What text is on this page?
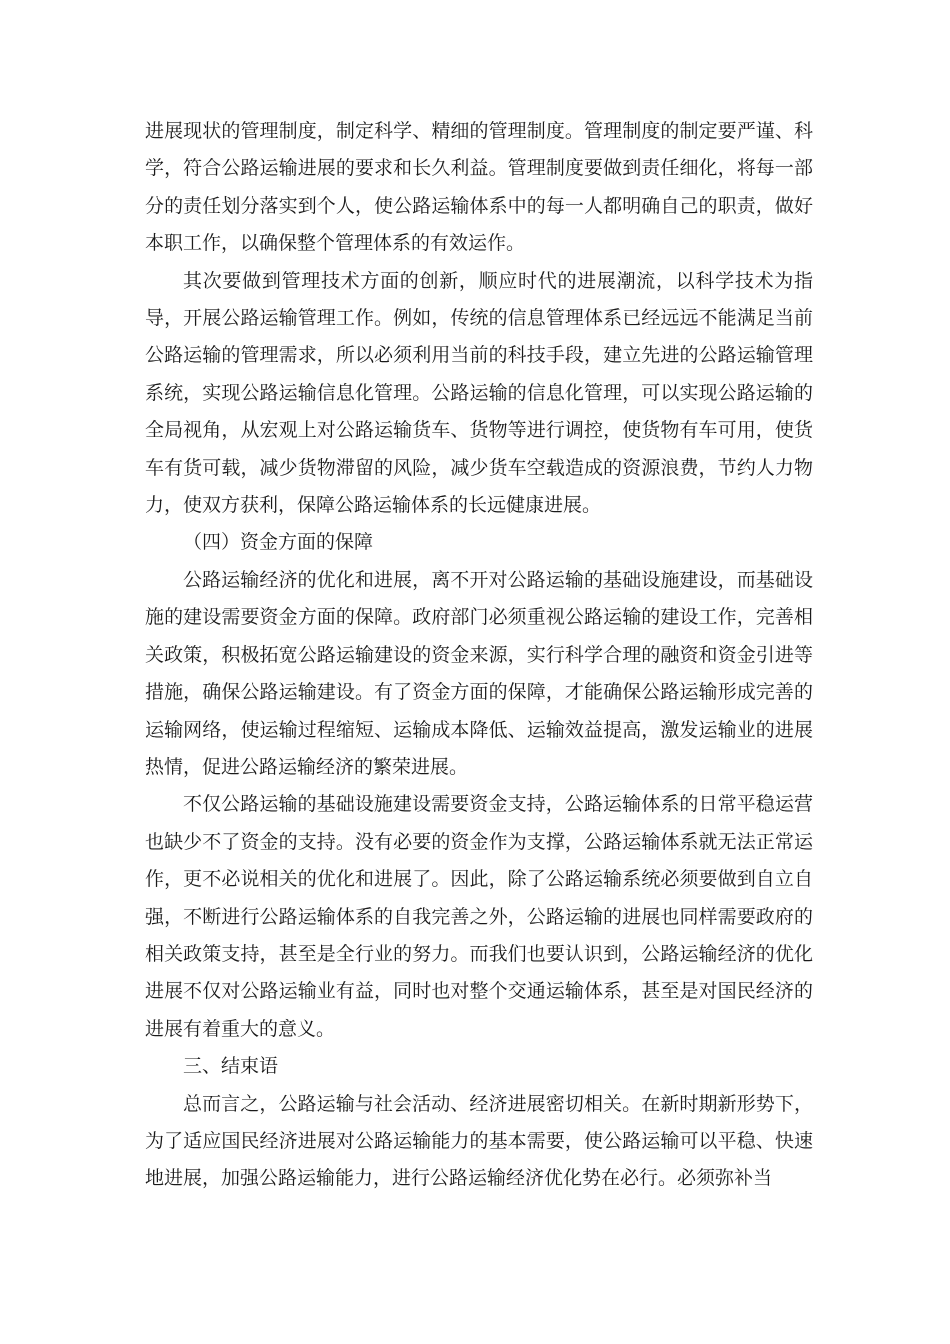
进展现状的管理制度，制定科学、精细的管理制度。管理制度的制定要严谨、科学，符合公路运输进展的要求和长久利益。管理制度要做到责任细化，将每一部分的责任划分落实到个人，使公路运输体系中的每一人都明确自己的职责，做好本职工作，以确保整个管理体系的有效运作。

其次要做到管理技术方面的创新，顺应时代的进展潮流，以科学技术为指导，开展公路运输管理工作。例如，传统的信息管理体系已经远远不能满足当前公路运输的管理需求，所以必须利用当前的科技手段，建立先进的公路运输管理系统，实现公路运输信息化管理。公路运输的信息化管理，可以实现公路运输的全局视角，从宏观上对公路运输货车、货物等进行调控，使货物有车可用，使货车有货可载，减少货物滞留的风险，减少货车空载造成的资源浪费，节约人力物力，使双方获利，保障公路运输体系的长远健康进展。

（四）资金方面的保障

公路运输经济的优化和进展，离不开对公路运输的基础设施建设，而基础设施的建设需要资金方面的保障。政府部门必须重视公路运输的建设工作，完善相关政策，积极拓宽公路运输建设的资金来源，实行科学合理的融资和资金引进等措施，确保公路运输建设。有了资金方面的保障，才能确保公路运输形成完善的运输网络，使运输过程缩短、运输成本降低、运输效益提高，激发运输业的进展热情，促进公路运输经济的繁荣进展。

不仅公路运输的基础设施建设需要资金支持，公路运输体系的日常平稳运营也缺少不了资金的支持。没有必要的资金作为支撑，公路运输体系就无法正常运作，更不必说相关的优化和进展了。因此，除了公路运输系统必须要做到自立自强，不断进行公路运输体系的自我完善之外，公路运输的进展也同样需要政府的相关政策支持，甚至是全行业的努力。而我们也要认识到，公路运输经济的优化进展不仅对公路运输业有益，同时也对整个交通运输体系，甚至是对国民经济的进展有着重大的意义。

三、结束语

总而言之，公路运输与社会活动、经济进展密切相关。在新时期新形势下，为了适应国民经济进展对公路运输能力的基本需要，使公路运输可以平稳、快速地进展，加强公路运输能力，进行公路运输经济优化势在必行。必须弥补当
